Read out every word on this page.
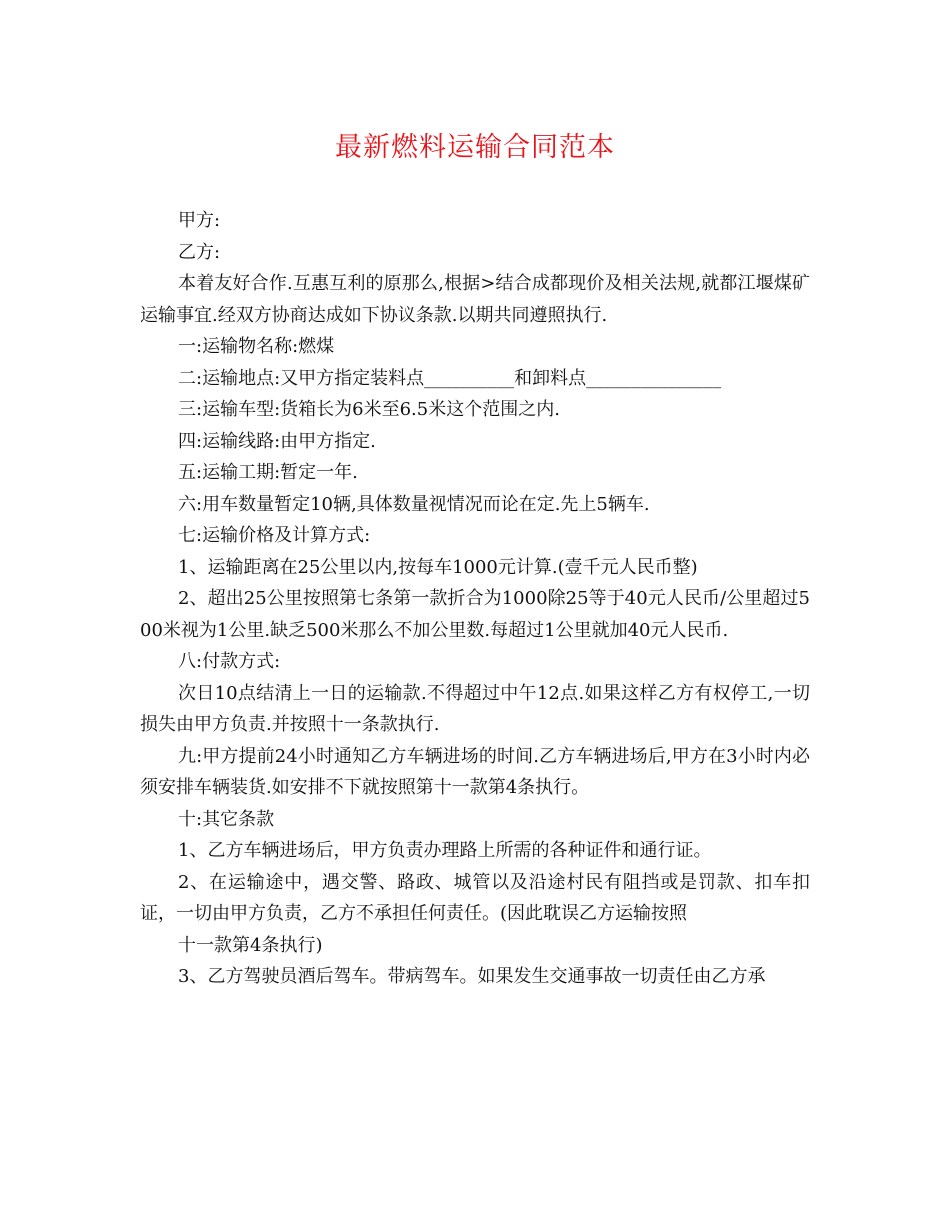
最新燃料运输合同范本

甲方:

乙方:

本着友好合作.互惠互利的原那么,根据>结合成都现价及相关法规,就都江堰煤矿运输事宜.经双方协商达成如下协议条款.以期共同遵照执行.

一:运输物名称:燃煤

二:运输地点:又甲方指定装料点__________和卸料点_______________

三:运输车型:货箱长为6米至6.5米这个范围之内.

四:运输线路:由甲方指定.

五:运输工期:暂定一年.

六:用车数量暂定10辆,具体数量视情况而论在定.先上5辆车.

七:运输价格及计算方式:

1、运输距离在25公里以内,按每车1000元计算.(壹千元人民币整)

2、超出25公里按照第七条第一款折合为1000除25等于40元人民币/公里超过500米视为1公里.缺乏500米那么不加公里数.每超过1公里就加40元人民币.

八:付款方式:

次日10点结清上一日的运输款.不得超过中午12点.如果这样乙方有权停工,一切损失由甲方负责.并按照十一条款执行.

九:甲方提前24小时通知乙方车辆进场的时间.乙方车辆进场后,甲方在3小时内必须安排车辆装货.如安排不下就按照第十一款第4条执行。

十:其它条款

1、乙方车辆进场后，甲方负责办理路上所需的各种证件和通行证。

2、在运输途中，遇交警、路政、城管以及沿途村民有阻挡或是罚款、扣车扣证，一切由甲方负责，乙方不承担任何责任。(因此耽误乙方运输按照

十一款第4条执行)

3、乙方驾驶员酒后驾车。带病驾车。如果发生交通事故一切责任由乙方承
